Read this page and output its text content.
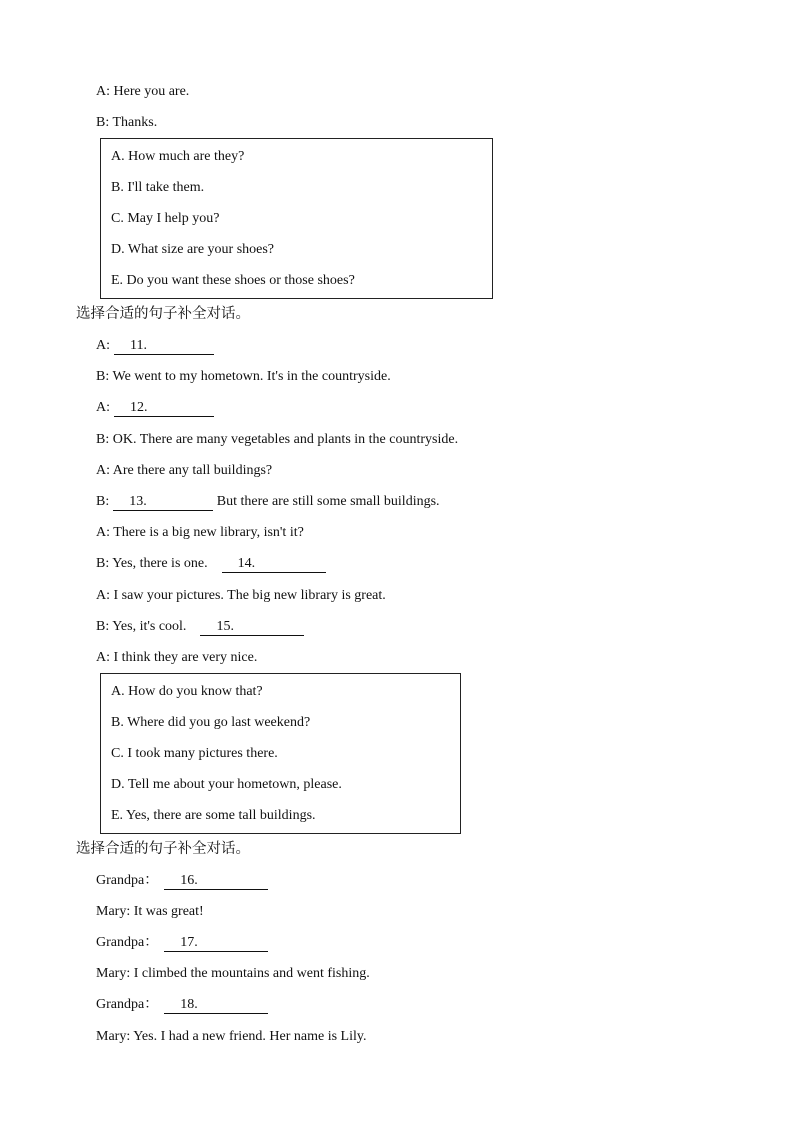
A: Here you are.
B: Thanks.
A. How much are they?
B. I'll take them.
C. May I help you?
D. What size are your shoes?
E. Do you want these shoes or those shoes?
选择合适的句子补全对话。
A: 11.
B: We went to my hometown. It's in the countryside.
A: 12.
B: OK. There are many vegetables and plants in the countryside.
A: Are there any tall buildings?
B: 13.	But there are still some small buildings.
A: There is a big new library, isn't it?
B: Yes, there is one. 14.
A: I saw your pictures. The big new library is great.
B: Yes, it's cool. 15.
A: I think they are very nice.
A. How do you know that?
B. Where did you go last weekend?
C. I took many pictures there.
D. Tell me about your hometown, please.
E. Yes, there are some tall buildings.
选择合适的句子补全对话。
Grandpa： 16.
Mary: It was great!
Grandpa： 17.
Mary: I climbed the mountains and went fishing.
Grandpa： 18.
Mary: Yes. I had a new friend. Her name is Lily.
